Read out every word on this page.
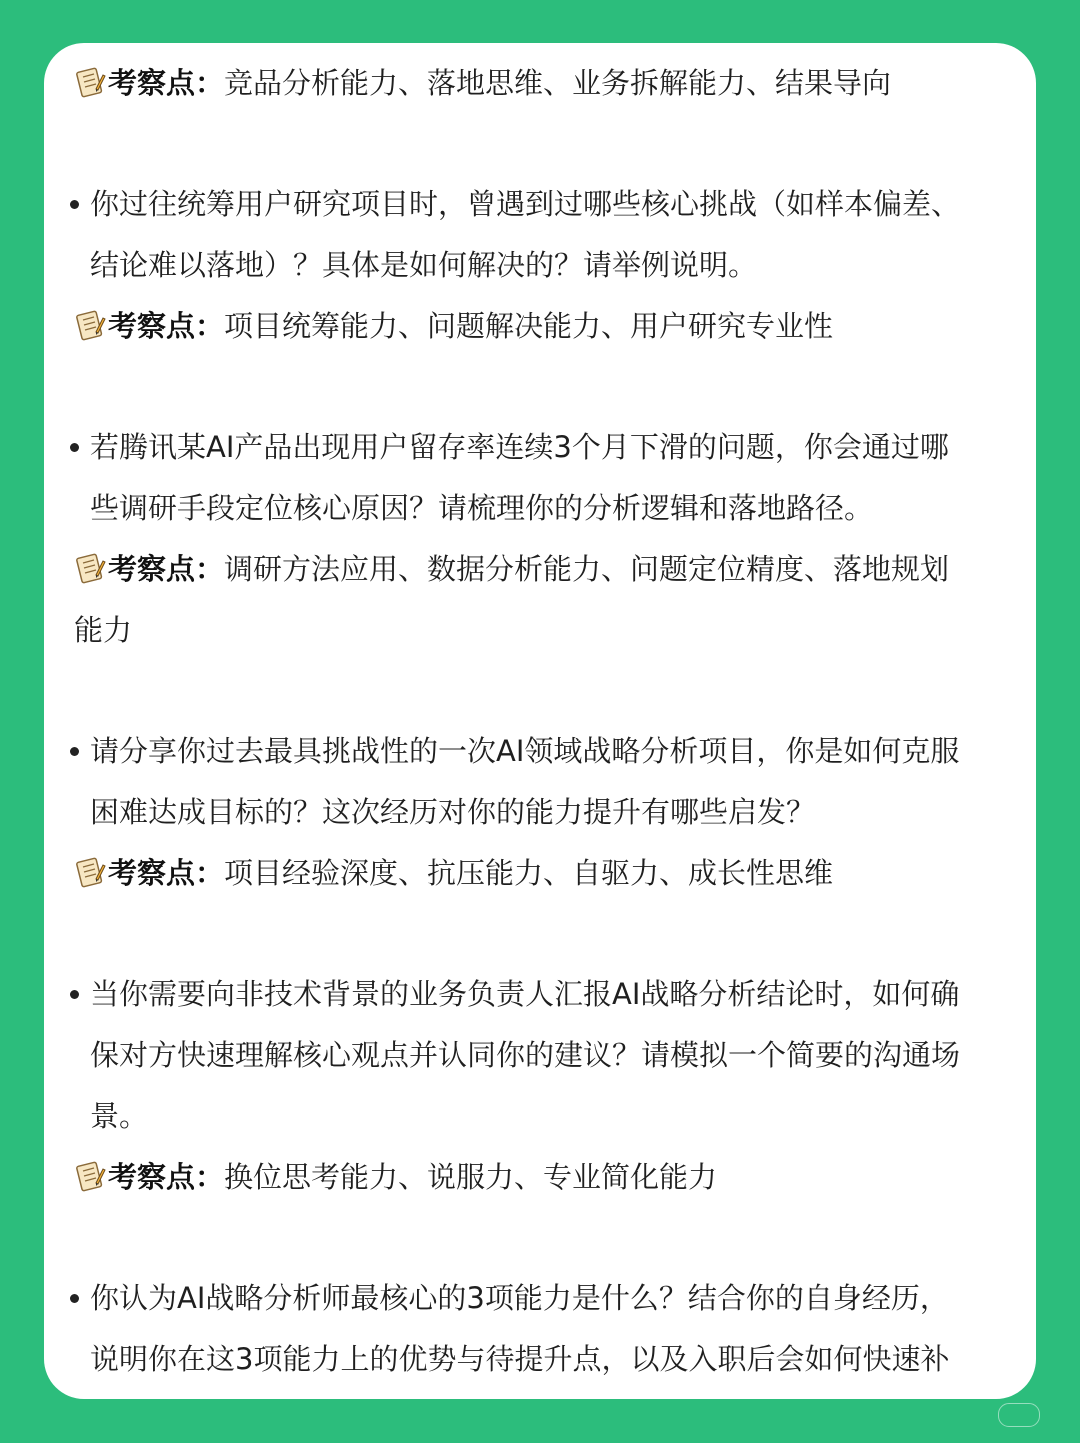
考察点：竞品分析能力、落地思维、业务拆解能力、结果导向

你过往统筹用户研究项目时，曾遇到过哪些核心挑战（如样本偏差、
结论难以落地）？具体是如何解决的？请举例说明。

考察点：项目统筹能力、问题解决能力、用户研究专业性

若腾讯某AI产品出现用户留存率连续3个月下滑的问题，你会通过哪
些调研手段定位核心原因？请梳理你的分析逻辑和落地路径。

考察点：调研方法应用、数据分析能力、问题定位精度、落地规划

能力

请分享你过去最具挑战性的一次AI领域战略分析项目，你是如何克服
困难达成目标的？这次经历对你的能力提升有哪些启发？

考察点：项目经验深度、抗压能力、自驱力、成长性思维

当你需要向非技术背景的业务负责人汇报AI战略分析结论时，如何确
保对方快速理解核心观点并认同你的建议？请模拟一个简要的沟通场
景。

考察点：换位思考能力、说服力、专业简化能力

你认为AI战略分析师最核心的3项能力是什么？结合你的自身经历，
说明你在这3项能力上的优势与待提升点，以及入职后会如何快速补
